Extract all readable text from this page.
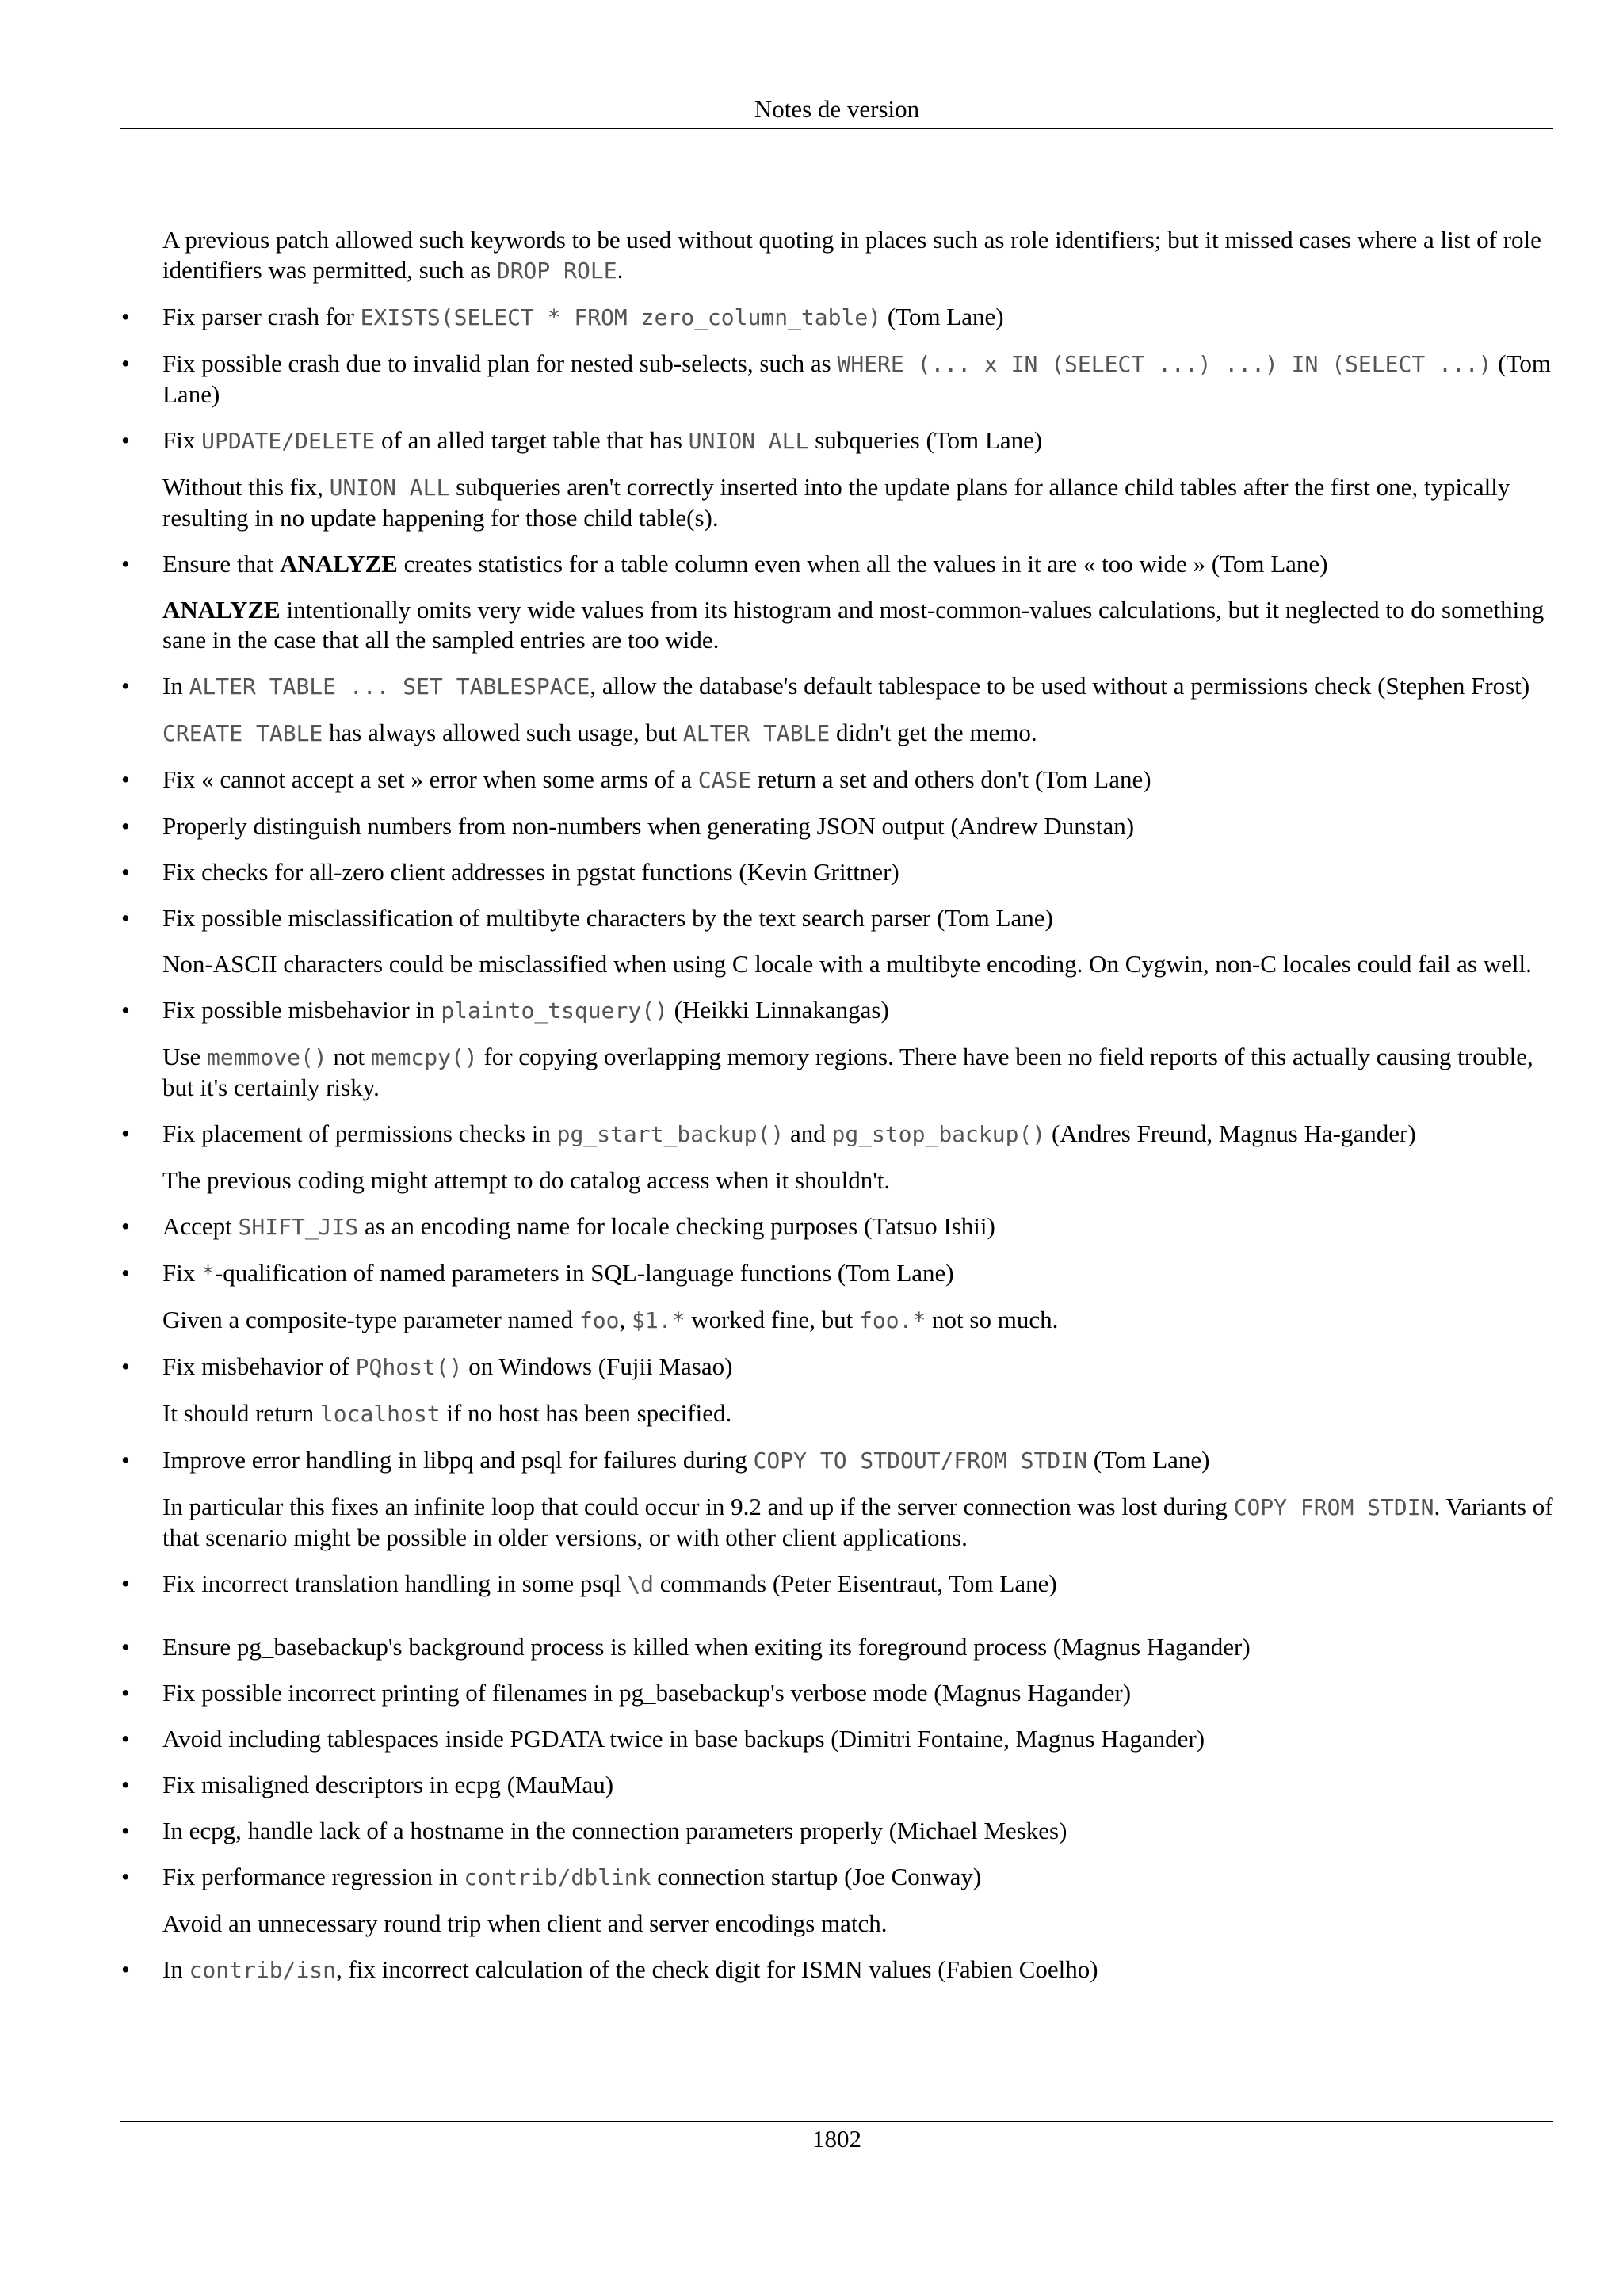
Notes de version
A previous patch allowed such keywords to be used without quoting in places such as role identifiers; but it missed cases where a list of role identifiers was permitted, such as DROP ROLE.
• Fix parser crash for EXISTS(SELECT * FROM zero_column_table) (Tom Lane)
• Fix possible crash due to invalid plan for nested sub-selects, such as WHERE (... x IN (SELECT ...) ...) IN (SELECT ...) (Tom Lane)
• Fix UPDATE/DELETE of an alled target table that has UNION ALL subqueries (Tom Lane)
Without this fix, UNION ALL subqueries aren't correctly inserted into the update plans for allance child tables after the first one, typically resulting in no update happening for those child table(s).
• Ensure that ANALYZE creates statistics for a table column even when all the values in it are « too wide » (Tom Lane)
ANALYZE intentionally omits very wide values from its histogram and most-common-values calculations, but it neglected to do something sane in the case that all the sampled entries are too wide.
• In ALTER TABLE ... SET TABLESPACE, allow the database's default tablespace to be used without a permissions check (Stephen Frost)
CREATE TABLE has always allowed such usage, but ALTER TABLE didn't get the memo.
• Fix « cannot accept a set » error when some arms of a CASE return a set and others don't (Tom Lane)
• Properly distinguish numbers from non-numbers when generating JSON output (Andrew Dunstan)
• Fix checks for all-zero client addresses in pgstat functions (Kevin Grittner)
• Fix possible misclassification of multibyte characters by the text search parser (Tom Lane)
Non-ASCII characters could be misclassified when using C locale with a multibyte encoding. On Cygwin, non-C locales could fail as well.
• Fix possible misbehavior in plainto_tsquery() (Heikki Linnakangas)
Use memmove() not memcpy() for copying overlapping memory regions. There have been no field reports of this actually causing trouble, but it's certainly risky.
• Fix placement of permissions checks in pg_start_backup() and pg_stop_backup() (Andres Freund, Magnus Ha-gander)
The previous coding might attempt to do catalog access when it shouldn't.
• Accept SHIFT_JIS as an encoding name for locale checking purposes (Tatsuo Ishii)
• Fix *-qualification of named parameters in SQL-language functions (Tom Lane)
Given a composite-type parameter named foo, $1.* worked fine, but foo.* not so much.
• Fix misbehavior of PQhost() on Windows (Fujii Masao)
It should return localhost if no host has been specified.
• Improve error handling in libpq and psql for failures during COPY TO STDOUT/FROM STDIN (Tom Lane)
In particular this fixes an infinite loop that could occur in 9.2 and up if the server connection was lost during COPY FROM STDIN. Variants of that scenario might be possible in older versions, or with other client applications.
• Fix incorrect translation handling in some psql \d commands (Peter Eisentraut, Tom Lane)
• Ensure pg_basebackup's background process is killed when exiting its foreground process (Magnus Hagander)
• Fix possible incorrect printing of filenames in pg_basebackup's verbose mode (Magnus Hagander)
• Avoid including tablespaces inside PGDATA twice in base backups (Dimitri Fontaine, Magnus Hagander)
• Fix misaligned descriptors in ecpg (MauMau)
• In ecpg, handle lack of a hostname in the connection parameters properly (Michael Meskes)
• Fix performance regression in contrib/dblink connection startup (Joe Conway)
Avoid an unnecessary round trip when client and server encodings match.
• In contrib/isn, fix incorrect calculation of the check digit for ISMN values (Fabien Coelho)
1802
